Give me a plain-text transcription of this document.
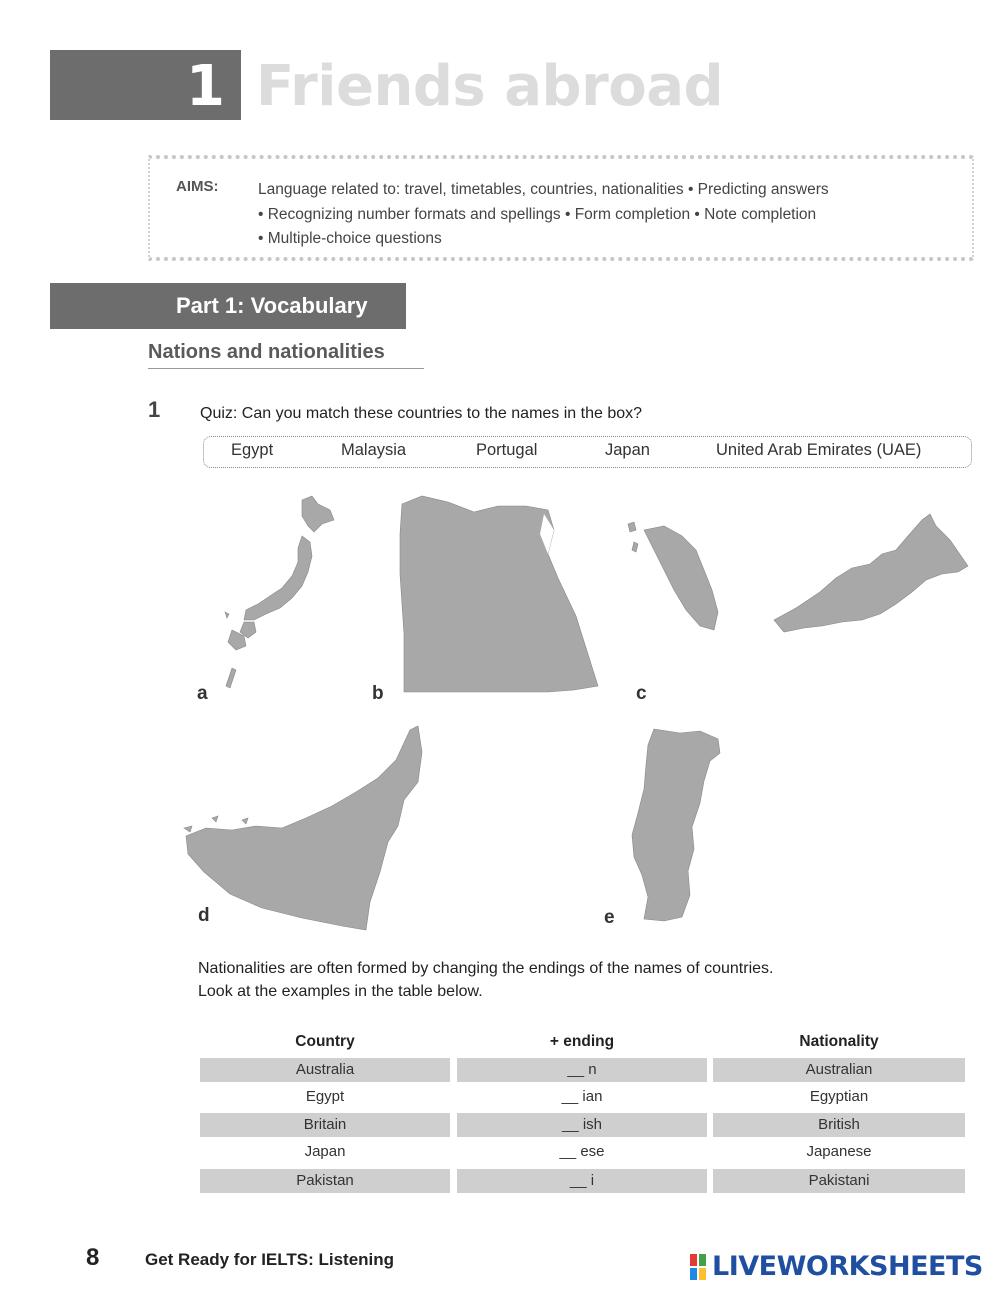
1 Friends abroad
AIMS:	Language related to: travel, timetables, countries, nationalities • Predicting answers
• Recognizing number formats and spellings • Form completion • Note completion
• Multiple-choice questions
Part 1: Vocabulary
Nations and nationalities
1 Quiz: Can you match these countries to the names in the box?
Egypt	Malaysia	Portugal	Japan	United Arab Emirates (UAE)
a	b	c
d	e
Nationalities are often formed by changing the endings of the names of countries.
Look at the examples in the table below.
Country	+ ending	Nationality
Australia	__ n	Australian
Egypt	__ ian	Egyptian
Britain	__ ish	British
Japan	__ ese	Japanese
Pakistan	__ i	Pakistani
8	Get Ready for IELTS: Listening	LIVEWORKSHEETS
